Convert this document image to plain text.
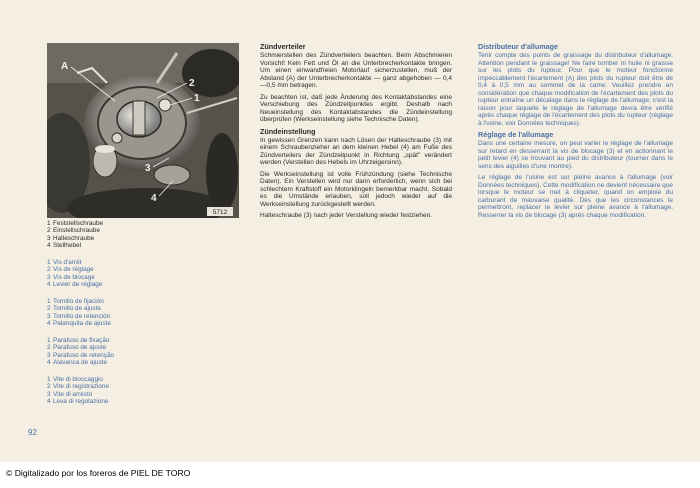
5712
A
2
1
3
4
1 Feststellschraube
2 Einstellschraube
3 Halteschraube
4 Stellhebel
1 Vis d'arrêt
2 Vis de réglage
3 Vis de blocage
4 Levier de réglage
1 Tornillo de fijación
2 Tornillo de ajuste
3 Tornillo de retención
4 Palanquita de ajuste
1 Parafuso de fixação
2 Parafuso de ajuste
3 Parafuso de retenção
4 Alavanca de ajuste
1 Vite di bloccaggio
2 Vite di registrazione
3 Vite di arresto
4 Leva di regolazione
92
Zündverteiler

Schmierstellen des Zündverteilers beachten. Beim Abschmieren Vorsicht! Kein Fett und Öl an die Unterbrecherkontakte bringen. Um einen einwandfreien Motorlauf sicherzustellen, muß der Abstand (A) der Unterbrecherkontakte — ganz abgehoben — 0,4—0,5 mm betragen.

Zu beachten ist, daß jede Änderung des Kontaktabstandes eine Verschiebung des Zündzeitpunktes ergibt. Deshalb nach Neueinstellung des Kontaktabstandes die Zündeinstellung überprüfen (Werkseinstellung siehe Technische Daten).

Zündeinstellung

In gewissen Grenzen kann nach Lösen der Halteschraube (3) mit einem Schraubenzieher an dem kleinen Hebel (4) am Fuße des Zündverteilers der Zündzeitpunkt in Richtung „spät" verändert werden (Verstellen des Hebels im Uhrzeigersinn).

Die Werkseinstellung ist volle Frühzündung (siehe Technische Daten). Ein Verstellen wird nur dann erforderlich, wenn sich bei schlechtem Kraftstoff ein Motorklingeln bemerkbar macht. Sobald es die Umstände erlauben, soll jedoch wieder auf die Werkseinstellung zurückgestellt werden.

Halteschraube (3) nach jeder Verstellung wieder festziehen.

Distributeur d'allumage

Tenir compte des points de graissage du distributeur d'allumage. Attention pendant le graissage! Ne faire tomber ni huile ni graisse sur les plots du rupteur. Pour que le moteur fonctionne impeccablement l'écartement (A) des plots du rupteur doit être de 0,4 à 0,5 mm au sommet de la came. Veuillez prendre en considération que chaque modification de l'écartement des plots du rupteur entraîne un décalage dans le réglage de l'allumage; c'est la raison pour laquelle le réglage de l'allumage devra être vérifié après chaque réglage de l'écartement des plots du rupteur (réglage à l'usine, voir Données techniques).

Réglage de l'allumage

Dans une certaine mesure, on peut varier le réglage de l'allumage sur retard en desserrant la vis de blocage (3) et en actionnant le petit levier (4) se trouvant au pied du distributeur (tourner dans le sens des aiguilles d'une montre).

Le réglage de l'usine est sur pleine avance à l'allumage (voir Données techniques). Cette modification ne devient nécessaire que lorsque le moteur se met à cliqueter, quand on emploie du carburant de mauvaise qualité. Dès que les circonstances le permettront, replacer le levier sur pleine avance à l'allumage. Resserrer la vis de blocage (3) après chaque modification.

© Digitalizado por los foreros de PIEL DE TORO
